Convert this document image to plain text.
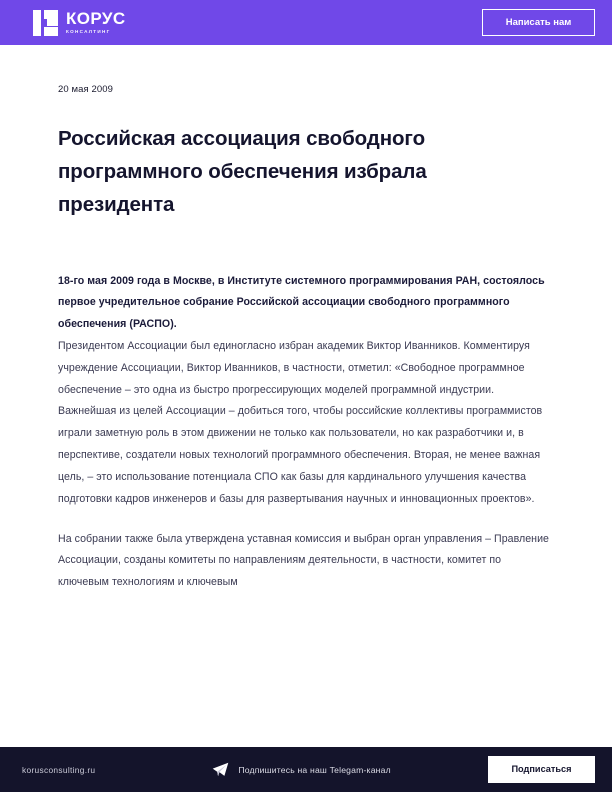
КОРУС
КОНСАЛТИНГ
Написать нам
20 мая 2009
Российская ассоциация свободного программного обеспечения избрала президента

18-го мая 2009 года в Москве, в Институте системного программирования РАН, состоялось первое учредительное собрание Российской ассоциации свободного программного обеспечения (РАСПО).

Президентом Ассоциации был единогласно избран академик Виктор Иванников. Комментируя учреждение Ассоциации, Виктор Иванников, в частности, отметил: «Свободное программное обеспечение – это одна из быстро прогрессирующих моделей программной индустрии. Важнейшая из целей Ассоциации – добиться того, чтобы российские коллективы программистов играли заметную роль в этом движении не только как пользователи, но как разработчики и, в перспективе, создатели новых технологий программного обеспечения. Вторая, не менее важная цель, – это использование потенциала СПО как базы для кардинального улучшения качества подготовки кадров инженеров и базы для развертывания научных и инновационных проектов».

На собрании также была утверждена уставная комиссия и выбран орган управления – Правление Ассоциации, созданы комитеты по направлениям деятельности, в частности, комитет по ключевым технологиям и ключевым

korusconsulting.ru	Подпишитесь на наш Telegam-канал	Подписаться
